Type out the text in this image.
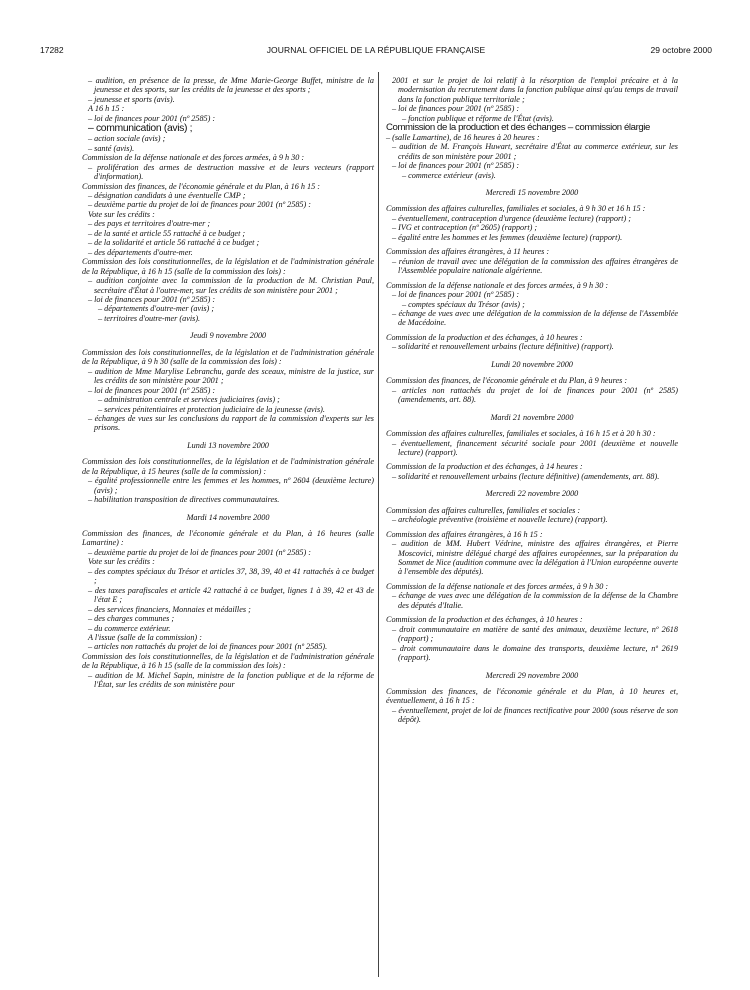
17282	JOURNAL OFFICIEL DE LA RÉPUBLIQUE FRANÇAISE	29 octobre 2000
– audition, en présence de la presse, de Mme Marie-George Buffet, ministre de la jeunesse et des sports, sur les crédits de la jeunesse et des sports ;
– jeunesse et sports (avis).
A 16 h 15 :
– loi de finances pour 2001 (nº 2585) :
– communication (avis) ;
– action sociale (avis) ;
– santé (avis).
Commission de la défense nationale et des forces armées, à 9 h 30 :
– prolifération des armes de destruction massive et de leurs vecteurs (rapport d'information).
Commission des finances, de l'économie générale et du Plan, à 16 h 15 :
– désignation candidats à une éventuelle CMP ;
– deuxième partie du projet de loi de finances pour 2001 (nº 2585) :
Vote sur les crédits :
– des pays et territoires d'outre-mer ;
– de la santé et article 55 rattaché à ce budget ;
– de la solidarité et article 56 rattaché à ce budget ;
– des départements d'outre-mer.
Commission des lois constitutionnelles, de la législation et de l'administration générale de la République, à 16 h 15 (salle de la commission des lois) :
– audition conjointe avec la commission de la production de M. Christian Paul, secrétaire d'État à l'outre-mer, sur les crédits de son ministère pour 2001 ;
– loi de finances pour 2001 (nº 2585) :
– départements d'outre-mer (avis) ;
– territoires d'outre-mer (avis).
Jeudi 9 novembre 2000
Commission des lois constitutionnelles, de la législation et de l'administration générale de la République, à 9 h 30 (salle de la commission des lois) :
– audition de Mme Marylise Lebranchu, garde des sceaux, ministre de la justice, sur les crédits de son ministère pour 2001 ;
– loi de finances pour 2001 (nº 2585) :
– administration centrale et services judiciaires (avis) ;
– services pénitentiaires et protection judiciaire de la jeunesse (avis).
– échanges de vues sur les conclusions du rapport de la commission d'experts sur les prisons.
Lundi 13 novembre 2000
Commission des lois constitutionnelles, de la législation et de l'administration générale de la République, à 15 heures (salle de la commission) :
– égalité professionnelle entre les femmes et les hommes, nº 2604 (deuxième lecture) (avis) ;
– habilitation transposition de directives communautaires.
Mardi 14 novembre 2000
Commission des finances, de l'économie générale et du Plan, à 16 heures (salle Lamartine) :
– deuxième partie du projet de loi de finances pour 2001 (nº 2585) :
Vote sur les crédits :
– des comptes spéciaux du Trésor et articles 37, 38, 39, 40 et 41 rattachés à ce budget ;
– des taxes parafiscales et article 42 rattaché à ce budget, lignes 1 à 39, 42 et 43 de l'état E ;
– des services financiers, Monnaies et médailles ;
– des charges communes ;
– du commerce extérieur.
A l'issue (salle de la commission) :
– articles non rattachés du projet de loi de finances pour 2001 (nº 2585).
Commission des lois constitutionnelles, de la législation et de l'administration générale de la République, à 16 h 15 (salle de la commission des lois) :
– audition de M. Michel Sapin, ministre de la fonction publique et de la réforme de l'État, sur les crédits de son ministère pour
2001 et sur le projet de loi relatif à la résorption de l'emploi précaire et à la modernisation du recrutement dans la fonction publique ainsi qu'au temps de travail dans la fonction publique territoriale ;
– loi de finances pour 2001 (nº 2585) :
– fonction publique et réforme de l'État (avis).
Commission de la production et des échanges – commission élargie
– (salle Lamartine), de 16 heures à 20 heures :
– audition de M. François Huwart, secrétaire d'État au commerce extérieur, sur les crédits de son ministère pour 2001 ;
– loi de finances pour 2001 (nº 2585) :
– commerce extérieur (avis).
Mercredi 15 novembre 2000
Commission des affaires culturelles, familiales et sociales, à 9 h 30 et 16 h 15 :
– éventuellement, contraception d'urgence (deuxième lecture) (rapport) ;
– IVG et contraception (nº 2605) (rapport) ;
– égalité entre les hommes et les femmes (deuxième lecture) (rapport).
Commission des affaires étrangères, à 11 heures :
– réunion de travail avec une délégation de la commission des affaires étrangères de l'Assemblée populaire nationale algérienne.
Commission de la défense nationale et des forces armées, à 9 h 30 :
– loi de finances pour 2001 (nº 2585) :
– comptes spéciaux du Trésor (avis) ;
– échange de vues avec une délégation de la commission de la défense de l'Assemblée de Macédoine.
Commission de la production et des échanges, à 10 heures :
– solidarité et renouvellement urbains (lecture définitive) (rapport).
Lundi 20 novembre 2000
Commission des finances, de l'économie générale et du Plan, à 9 heures :
– articles non rattachés du projet de loi de finances pour 2001 (nº 2585) (amendements, art. 88).
Mardi 21 novembre 2000
Commission des affaires culturelles, familiales et sociales, à 16 h 15 et à 20 h 30 :
– éventuellement, financement sécurité sociale pour 2001 (deuxième et nouvelle lecture) (rapport).
Commission de la production et des échanges, à 14 heures :
– solidarité et renouvellement urbains (lecture définitive) (amendements, art. 88).
Mercredi 22 novembre 2000
Commission des affaires culturelles, familiales et sociales :
– archéologie préventive (troisième et nouvelle lecture) (rapport).
Commission des affaires étrangères, à 16 h 15 :
– audition de MM. Hubert Védrine, ministre des affaires étrangères, et Pierre Moscovici, ministre délégué chargé des affaires européennes, sur la préparation du Sommet de Nice (audition commune avec la délégation à l'Union européenne ouverte à l'ensemble des députés).
Commission de la défense nationale et des forces armées, à 9 h 30 :
– échange de vues avec une délégation de la commission de la défense de la Chambre des députés d'Italie.
Commission de la production et des échanges, à 10 heures :
– droit communautaire en matière de santé des animaux, deuxième lecture, nº 2618 (rapport) ;
– droit communautaire dans le domaine des transports, deuxième lecture, nº 2619 (rapport).
Mercredi 29 novembre 2000
Commission des finances, de l'économie générale et du Plan, à 10 heures et, éventuellement, à 16 h 15 :
– éventuellement, projet de loi de finances rectificative pour 2000 (sous réserve de son dépôt).
